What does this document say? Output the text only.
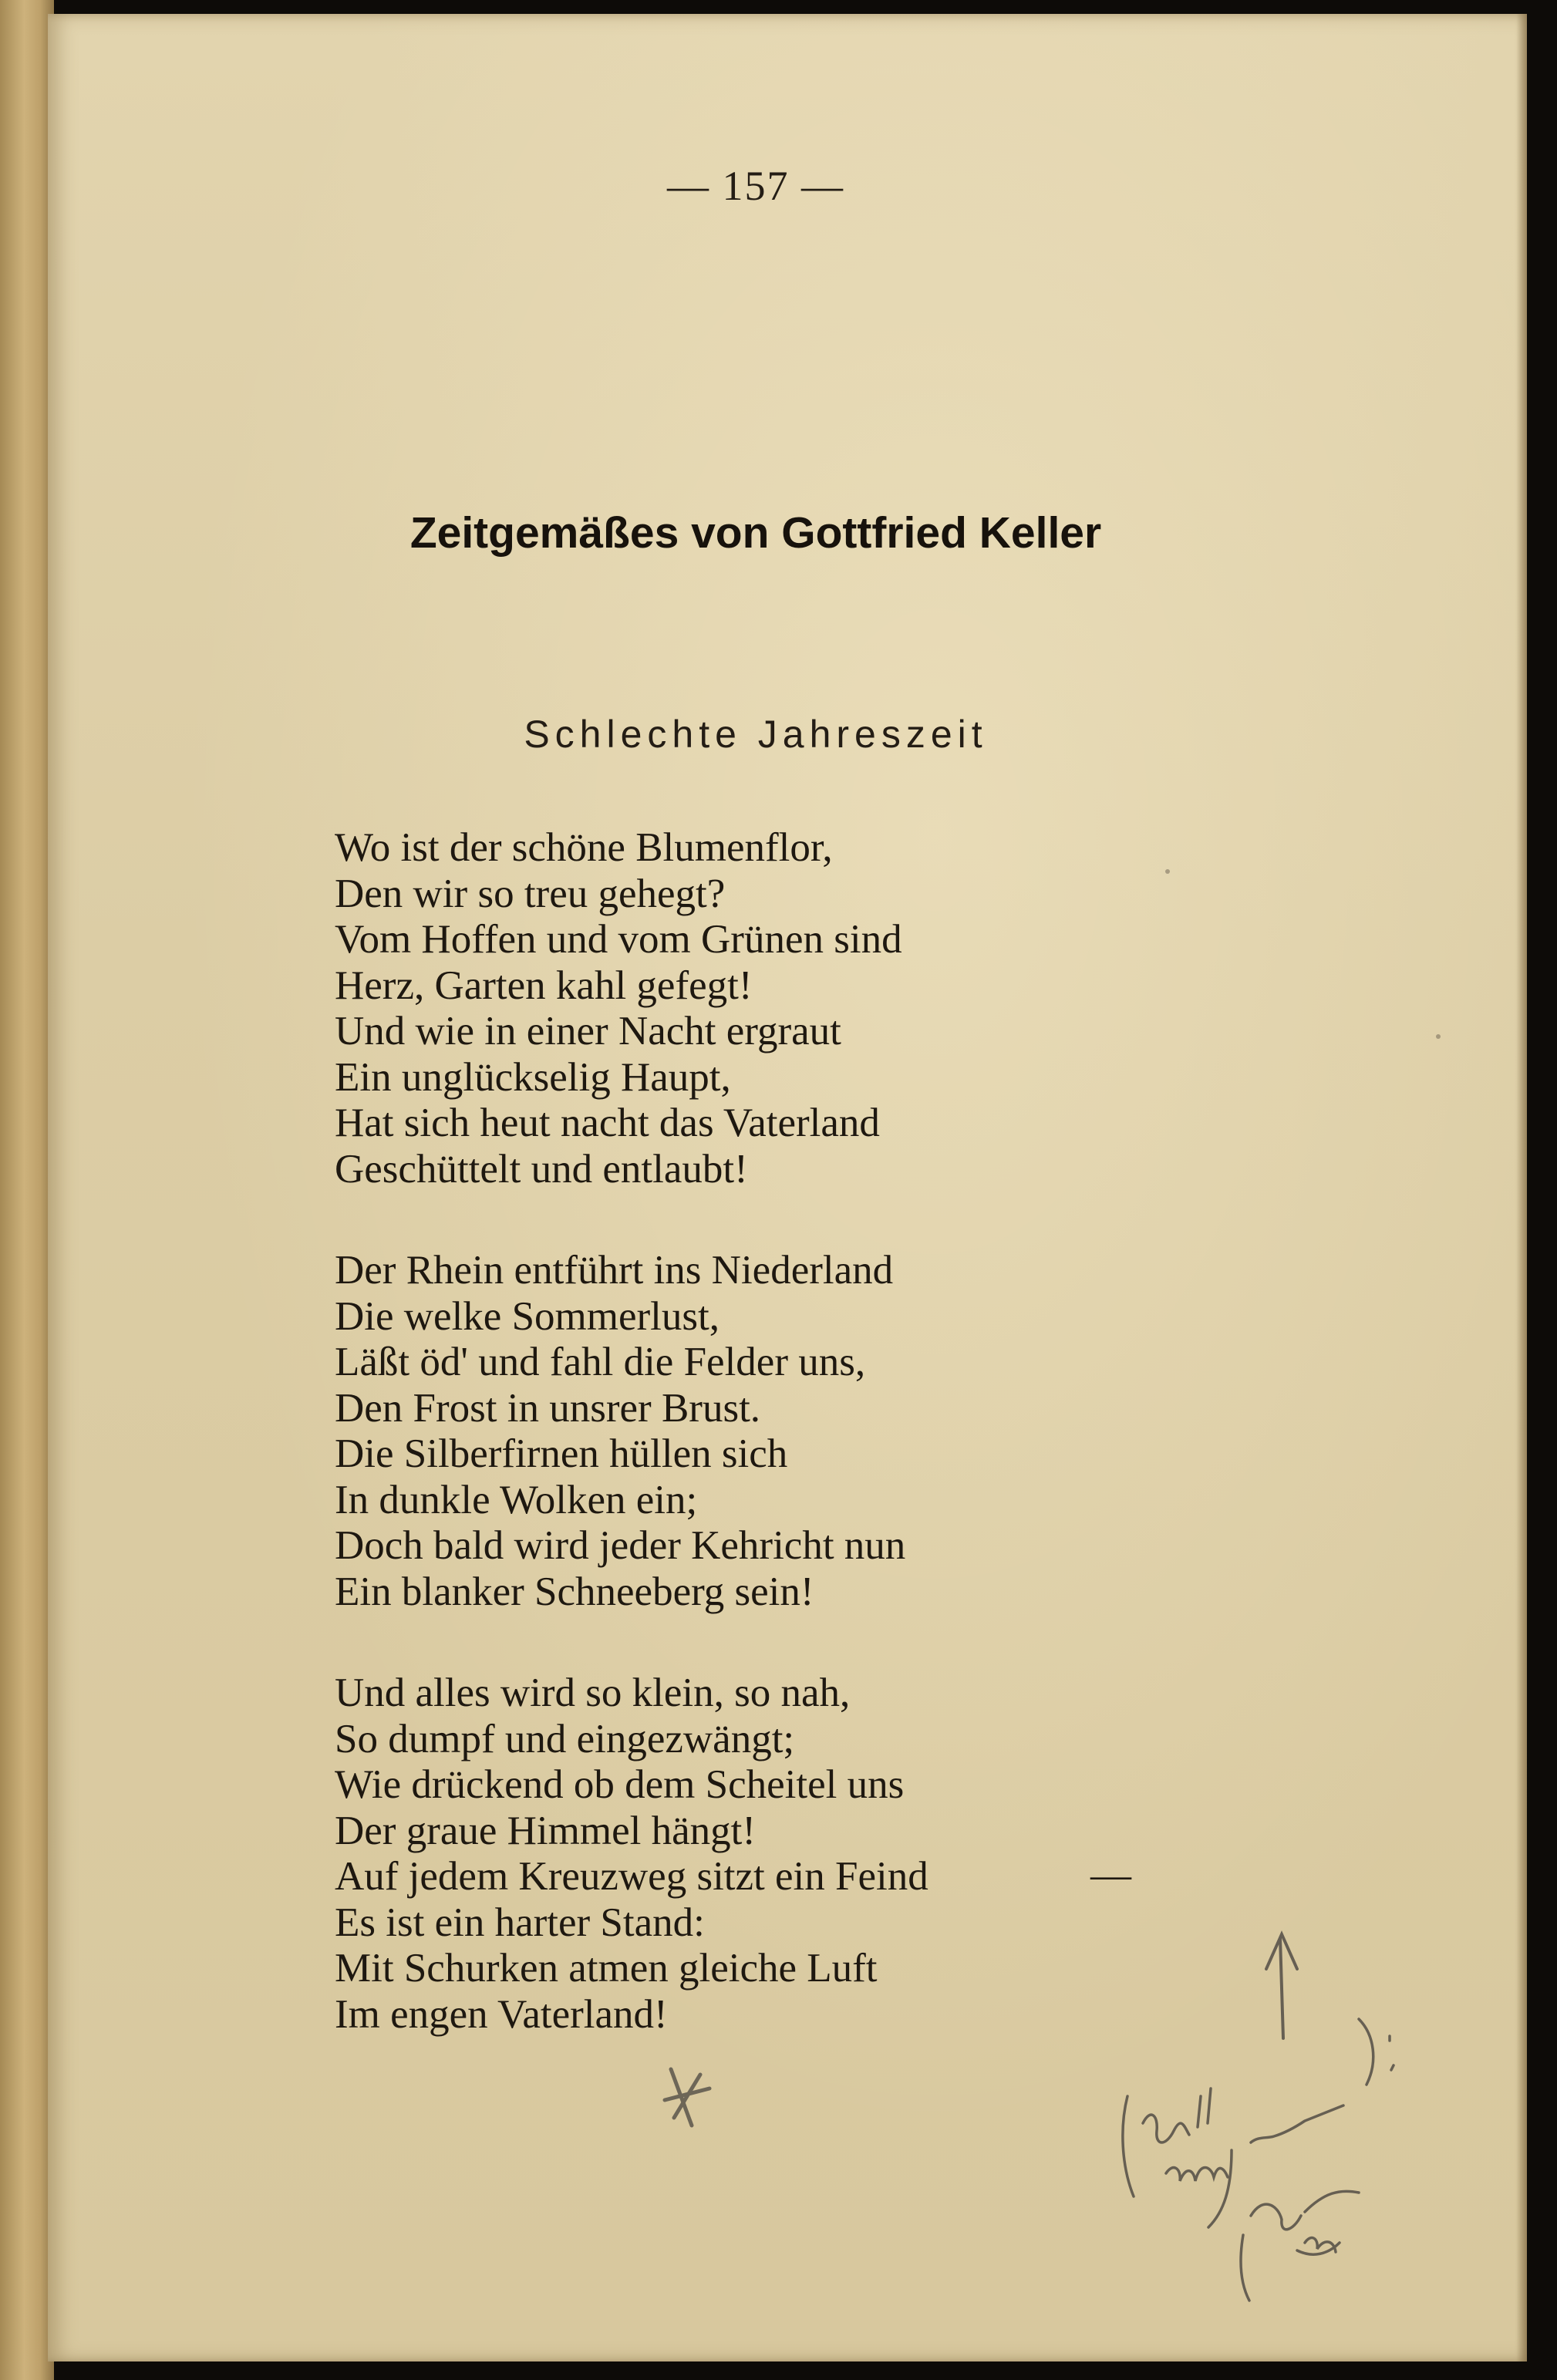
— 157 —
Zeitgemäßes von Gottfried Keller
Schlechte Jahreszeit
Wo ist der schöne Blumenflor,
Den wir so treu gehegt?
Vom Hoffen und vom Grünen sind
Herz, Garten kahl gefegt!
Und wie in einer Nacht ergraut
Ein unglückselig Haupt,
Hat sich heut nacht das Vaterland
Geschüttelt und entlaubt!
Der Rhein entführt ins Niederland
Die welke Sommerlust,
Läßt öd' und fahl die Felder uns,
Den Frost in unsrer Brust.
Die Silberfirnen hüllen sich
In dunkle Wolken ein;
Doch bald wird jeder Kehricht nun
Ein blanker Schneeberg sein!
Und alles wird so klein, so nah,
So dumpf und eingezwängt;
Wie drückend ob dem Scheitel uns
Der graue Himmel hängt!
Auf jedem Kreuzweg sitzt ein Feind
Es ist ein harter Stand:
Mit Schurken atmen gleiche Luft
Im engen Vaterland!
—
